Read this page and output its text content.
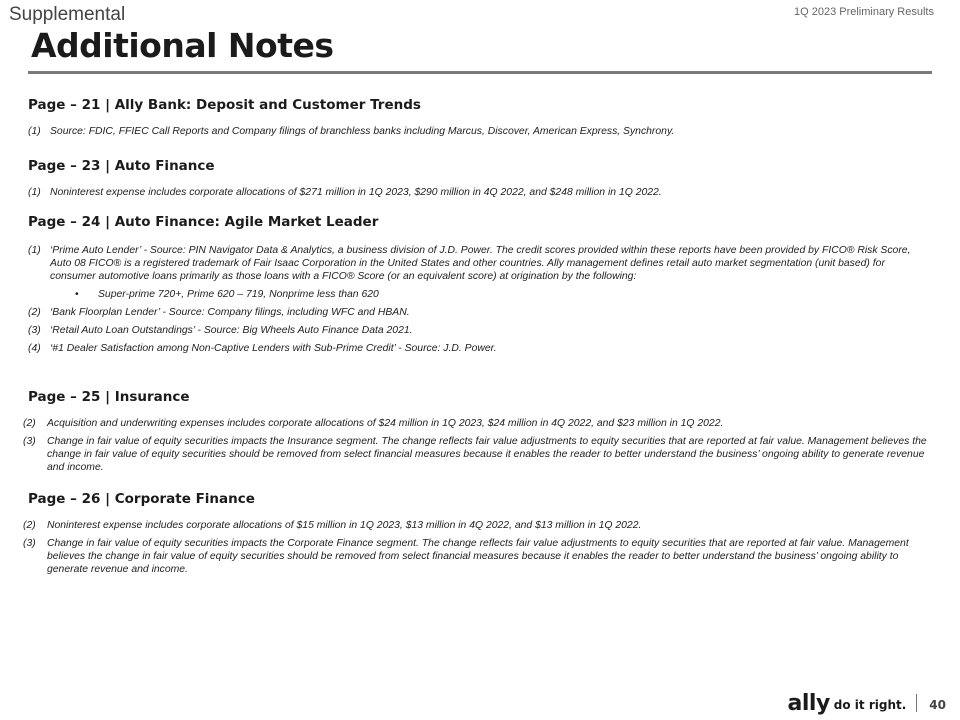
Supplemental	1Q 2023 Preliminary Results
Additional Notes
Page – 21 | Ally Bank: Deposit and Customer Trends
(1) Source: FDIC, FFIEC Call Reports and Company filings of branchless banks including Marcus, Discover, American Express, Synchrony.
Page – 23 | Auto Finance
(1) Noninterest expense includes corporate allocations of $271 million in 1Q 2023, $290 million in 4Q 2022, and $248 million in 1Q 2022.
Page – 24 | Auto Finance: Agile Market Leader
(1) ‘Prime Auto Lender’ - Source: PIN Navigator Data & Analytics, a business division of J.D. Power. The credit scores provided within these reports have been provided by FICO® Risk Score, Auto 08 FICO® is a registered trademark of Fair Isaac Corporation in the United States and other countries. Ally management defines retail auto market segmentation (unit based) for consumer automotive loans primarily as those loans with a FICO® Score (or an equivalent score) at origination by the following:
• Super-prime 720+, Prime 620 – 719, Nonprime less than 620
(2) ‘Bank Floorplan Lender’ - Source: Company filings, including WFC and HBAN.
(3) ‘Retail Auto Loan Outstandings’ - Source: Big Wheels Auto Finance Data 2021.
(4) ‘#1 Dealer Satisfaction among Non-Captive Lenders with Sub-Prime Credit’ - Source: J.D. Power.
Page – 25 | Insurance
(2) Acquisition and underwriting expenses includes corporate allocations of $24 million in 1Q 2023, $24 million in 4Q 2022, and $23 million in 1Q 2022.
(3) Change in fair value of equity securities impacts the Insurance segment. The change reflects fair value adjustments to equity securities that are reported at fair value. Management believes the change in fair value of equity securities should be removed from select financial measures because it enables the reader to better understand the business’ ongoing ability to generate revenue and income.
Page – 26 | Corporate Finance
(2) Noninterest expense includes corporate allocations of $15 million in 1Q 2023, $13 million in 4Q 2022, and $13 million in 1Q 2022.
(3) Change in fair value of equity securities impacts the Corporate Finance segment. The change reflects fair value adjustments to equity securities that are reported at fair value. Management believes the change in fair value of equity securities should be removed from select financial measures because it enables the reader to better understand the business’ ongoing ability to generate revenue and income.
ally do it right. 40
